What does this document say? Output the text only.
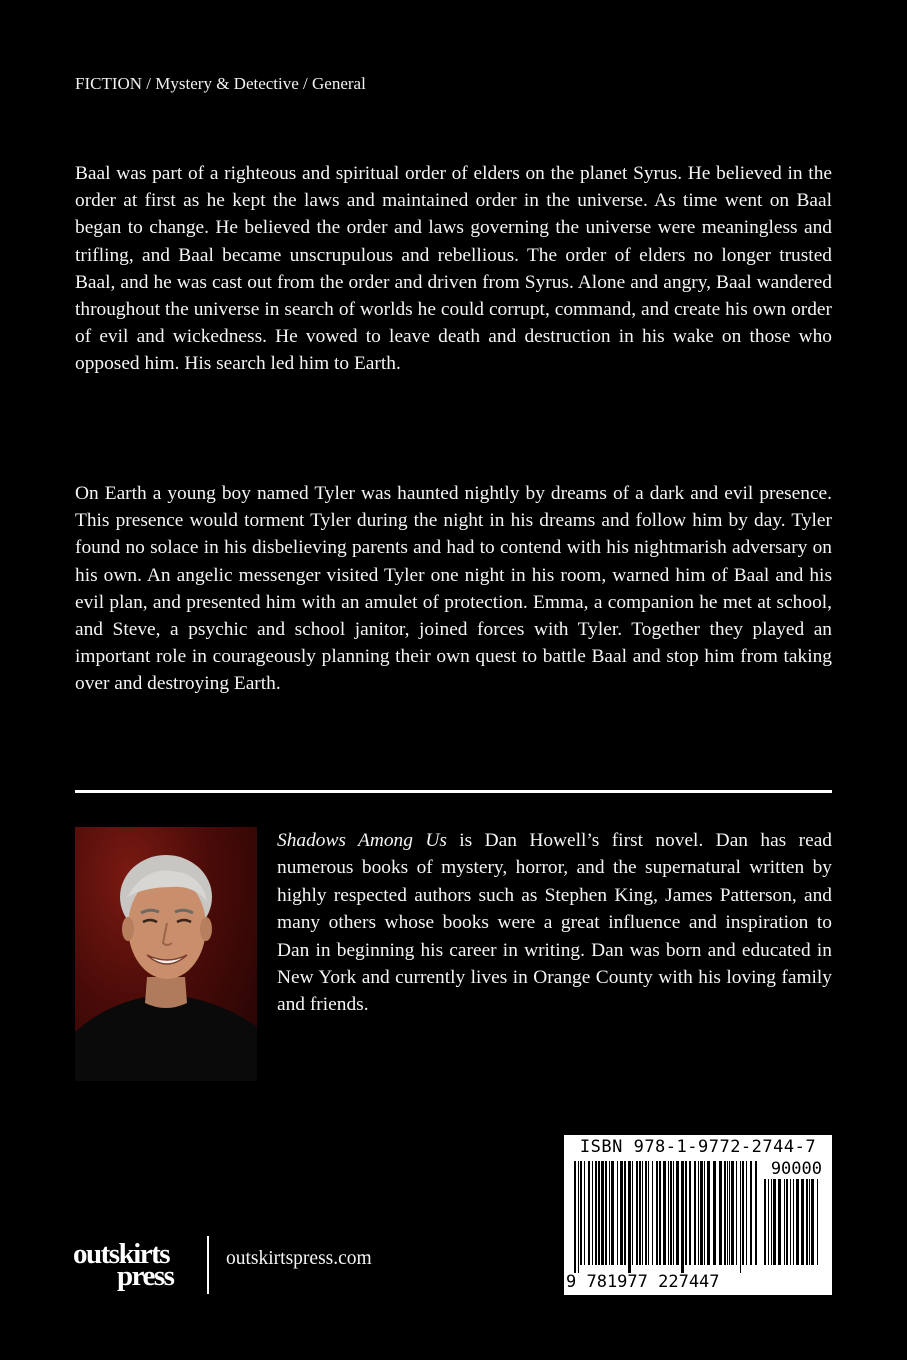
FICTION / Mystery & Detective / General

Baal was part of a righteous and spiritual order of elders on the planet Syrus. He believed in the order at first as he kept the laws and maintained order in the universe. As time went on Baal began to change. He believed the order and laws governing the universe were meaningless and trifling, and Baal became unscrupulous and rebellious. The order of elders no longer trusted Baal, and he was cast out from the order and driven from Syrus. Alone and angry, Baal wandered throughout the universe in search of worlds he could corrupt, command, and create his own order of evil and wickedness. He vowed to leave death and destruction in his wake on those who opposed him. His search led him to Earth.

On Earth a young boy named Tyler was haunted nightly by dreams of a dark and evil presence. This presence would torment Tyler during the night in his dreams and follow him by day. Tyler found no solace in his disbelieving parents and had to contend with his nightmarish adversary on his own. An angelic messenger visited Tyler one night in his room, warned him of Baal and his evil plan, and presented him with an amulet of protection. Emma, a companion he met at school, and Steve, a psychic and school janitor, joined forces with Tyler. Together they played an important role in courageously planning their own quest to battle Baal and stop him from taking over and destroying Earth.

Shadows Among Us is Dan Howell’s first novel. Dan has read numerous books of mystery, horror, and the supernatural written by highly respected authors such as Stephen King, James Patterson, and many others whose books were a great influence and inspiration to Dan in beginning his career in writing. Dan was born and educated in New York and currently lives in Orange County with his loving family and friends.

ISBN 978-1-9772-2744-7
90000
9 781977 227447
outskirts
press
outskirtspress.com
